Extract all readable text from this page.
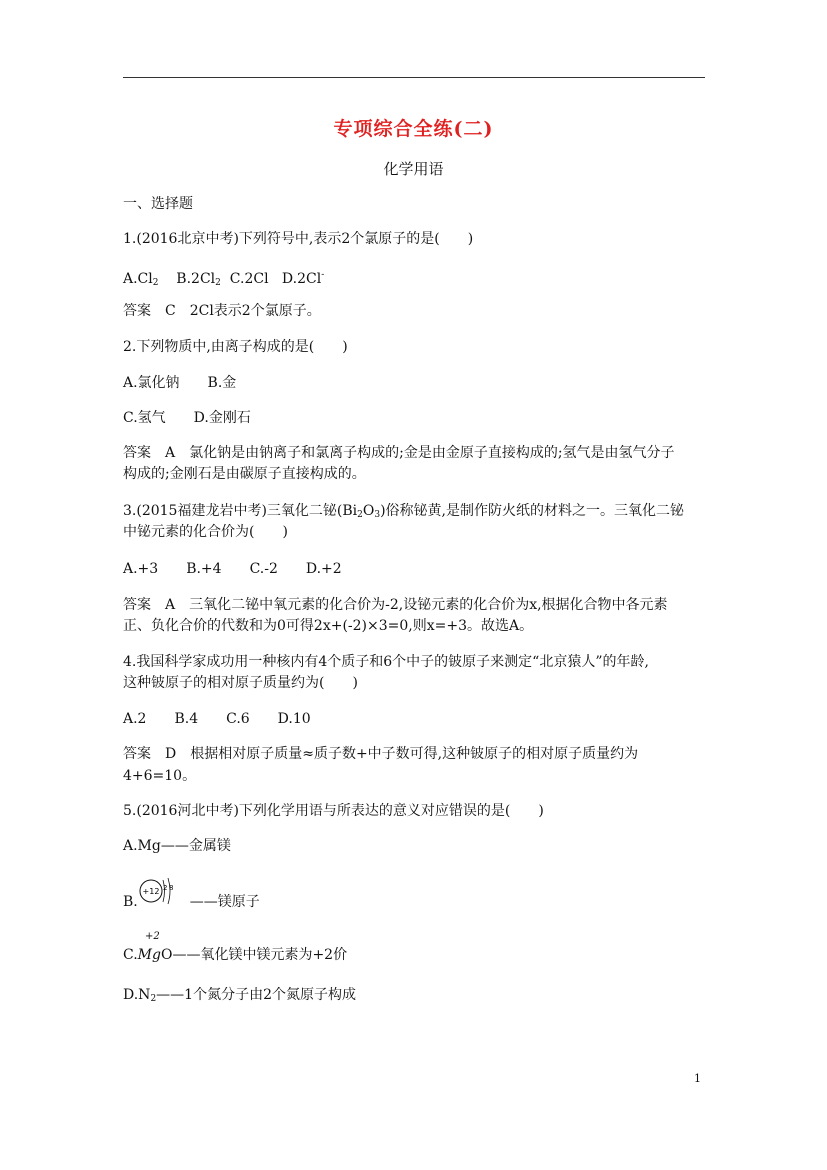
专项综合全练(二)
化学用语
一、选择题
1.(2016北京中考)下列符号中,表示2个氯原子的是(　　)
$A.Cl_2$ $B.2Cl_2$ C.2Cl D.2Cl-
答案　C　2Cl表示2个氯原子。
2.下列物质中,由离子构成的是(　　)
A.氯化钠　　B.金
C.氢气　　D.金刚石
答案　A　氯化钠是由钠离子和氯离子构成的;金是由金原子直接构成的;氢气是由氢气分子
构成的;金刚石是由碳原子直接构成的。
3.(2015福建龙岩中考)三氧化二铋$(Bi_2O_3)$俗称铋黄,是制作防火纸的材料之一。三氧化二铋
中铋元素的化合价为(　　)
A.+3　　B.+4　　C.-2　　D.+2
答案　A　三氧化二铋中氧元素的化合价为-2,设铋元素的化合价为x,根据化合物中各元素
正、负化合价的代数和为0可得2x+(-2)×3=0,则x=+3。故选A。
4.我国科学家成功用一种核内有4个质子和6个中子的铍原子来测定“北京猿人”的年龄,
这种铍原子的相对原子质量约为(　　)
A.2　　B.4　　C.6　　D.10
答案　D　根据相对原子质量≈质子数+中子数可得,这种铍原子的相对原子质量约为
4+6=10。
5.(2016河北中考)下列化学用语与所表达的意义对应错误的是(　　)
A.Mg——金属镁
+12 2 8
B.	——镁原子
+2
C.MgO——氧化镁中镁元素为+2价
$D.N_2——1$个氮分子由2个氮原子构成
1
